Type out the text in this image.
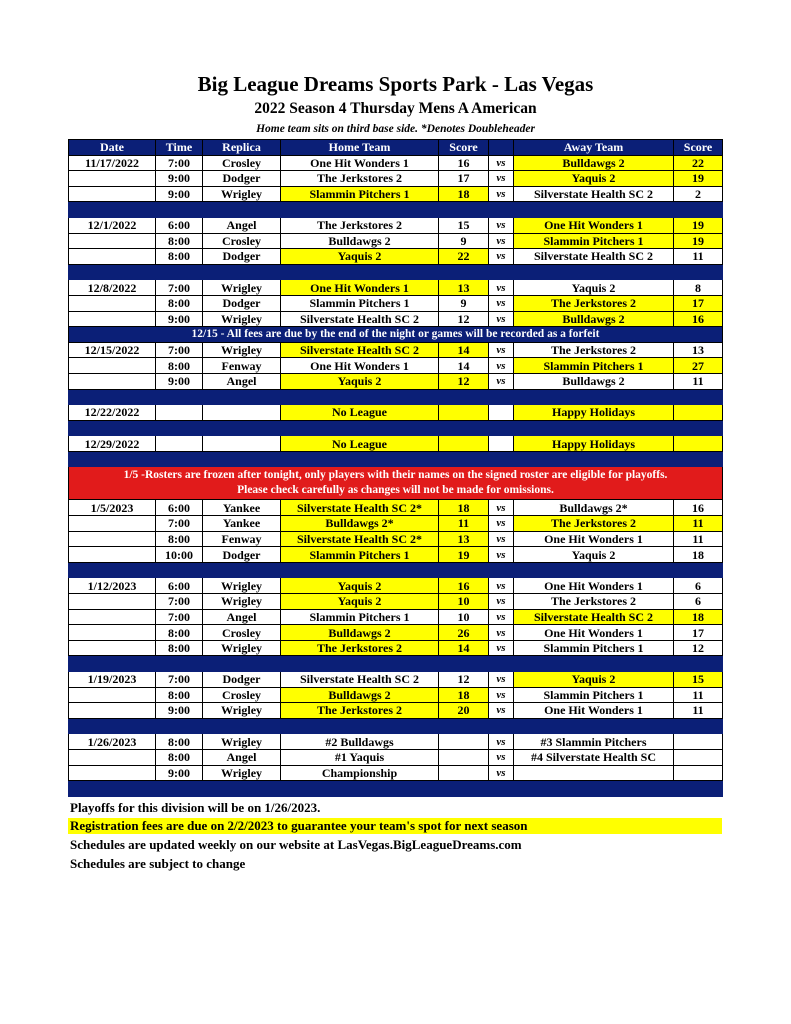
Big League Dreams Sports Park - Las Vegas
2022 Season 4 Thursday Mens A American
Home team sits on third base side. *Denotes Doubleheader
Date	Time	Replica	Home Team	Score		Away Team	Score
11/17/2022	7:00	Crosley	One Hit Wonders 1	16	vs	Bulldawgs 2	22
	9:00	Dodger	The Jerkstores 2	17	vs	Yaquis 2	19
	9:00	Wrigley	Slammin Pitchers 1	18	vs	Silverstate Health SC 2	2

12/1/2022	6:00	Angel	The Jerkstores 2	15	vs	One Hit Wonders 1	19
	8:00	Crosley	Bulldawgs 2	9	vs	Slammin Pitchers 1	19
	8:00	Dodger	Yaquis 2	22	vs	Silverstate Health SC 2	11

12/8/2022	7:00	Wrigley	One Hit Wonders 1	13	vs	Yaquis 2	8
	8:00	Dodger	Slammin Pitchers 1	9	vs	The Jerkstores 2	17
	9:00	Wrigley	Silverstate Health SC 2	12	vs	Bulldawgs 2	16
12/15 - All fees are due by the end of the night or games will be recorded as a forfeit							
12/15/2022	7:00	Wrigley	Silverstate Health SC 2	14	vs	The Jerkstores 2	13
	8:00	Fenway	One Hit Wonders 1	14	vs	Slammin Pitchers 1	27
	9:00	Angel	Yaquis 2	12	vs	Bulldawgs 2	11

12/22/2022			No League			Happy Holidays	

12/29/2022			No League			Happy Holidays	

1/5 -Rosters are frozen after tonight, only players with their names on the signed roster are eligible for playoffs.
Please check carefully as changes will not be made for omissions.							

1/5/2023	6:00	Yankee	Silverstate Health SC 2*	18	vs	Bulldawgs 2*	16
	7:00	Yankee	Bulldawgs 2*	11	vs	The Jerkstores 2	11
	8:00	Fenway	Silverstate Health SC 2*	13	vs	One Hit Wonders 1	11
	10:00	Dodger	Slammin Pitchers 1	19	vs	Yaquis 2	18

1/12/2023	6:00	Wrigley	Yaquis 2	16	vs	One Hit Wonders 1	6
	7:00	Wrigley	Yaquis 2	10	vs	The Jerkstores 2	6
	7:00	Angel	Slammin Pitchers 1	10	vs	Silverstate Health SC 2	18
	8:00	Crosley	Bulldawgs 2	26	vs	One Hit Wonders 1	17
	8:00	Wrigley	The Jerkstores 2	14	vs	Slammin Pitchers 1	12

1/19/2023	7:00	Dodger	Silverstate Health SC 2	12	vs	Yaquis 2	15
	8:00	Crosley	Bulldawgs 2	18	vs	Slammin Pitchers 1	11
	9:00	Wrigley	The Jerkstores 2	20	vs	One Hit Wonders 1	11

1/26/2023	8:00	Wrigley	#2 Bulldawgs		vs	#3 Slammin Pitchers	
	8:00	Angel	#1 Yaquis		vs	#4 Silverstate Health SC	
	9:00	Wrigley	Championship		vs		

Playoffs for this division will be on 1/26/2023.
Registration fees are due on 2/2/2023 to guarantee your team's spot for next season
Schedules are updated weekly on our website at LasVegas.BigLeagueDreams.com
Schedules are subject to change
